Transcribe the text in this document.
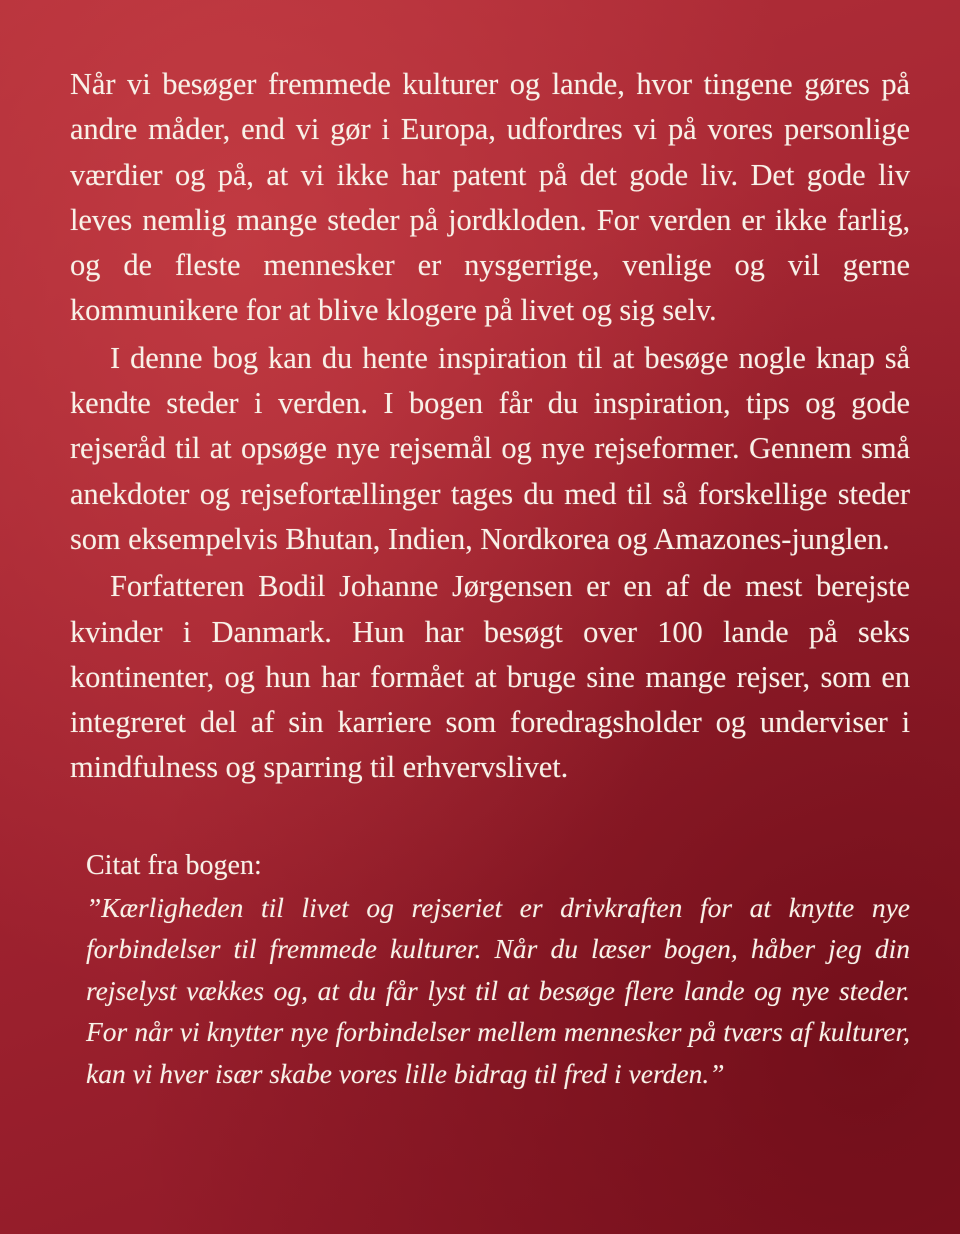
Når vi besøger fremmede kulturer og lande, hvor tingene gøres på andre måder, end vi gør i Europa, udfordres vi på vores personlige værdier og på, at vi ikke har patent på det gode liv. Det gode liv leves nemlig mange steder på jordkloden. For verden er ikke farlig, og de fleste mennesker er nysgerrige, venlige og vil gerne kommunikere for at blive klogere på livet og sig selv.

I denne bog kan du hente inspiration til at besøge nogle knap så kendte steder i verden. I bogen får du inspiration, tips og gode rejseråd til at opsøge nye rejsemål og nye rejseformer. Gennem små anekdoter og rejsefortællinger tages du med til så forskellige steder som eksempelvis Bhutan, Indien, Nordkorea og Amazones-junglen.

Forfatteren Bodil Johanne Jørgensen er en af de mest berejste kvinder i Danmark. Hun har besøgt over 100 lande på seks kontinenter, og hun har formået at bruge sine mange rejser, som en integreret del af sin karriere som foredragsholder og underviser i mindfulness og sparring til erhvervslivet.

Citat fra bogen:

”Kærligheden til livet og rejseriet er drivkraften for at knytte nye forbindelser til fremmede kulturer. Når du læser bogen, håber jeg din rejselyst vækkes og, at du får lyst til at besøge flere lande og nye steder. For når vi knytter nye forbindelser mellem mennesker på tværs af kulturer, kan vi hver især skabe vores lille bidrag til fred i verden.”
